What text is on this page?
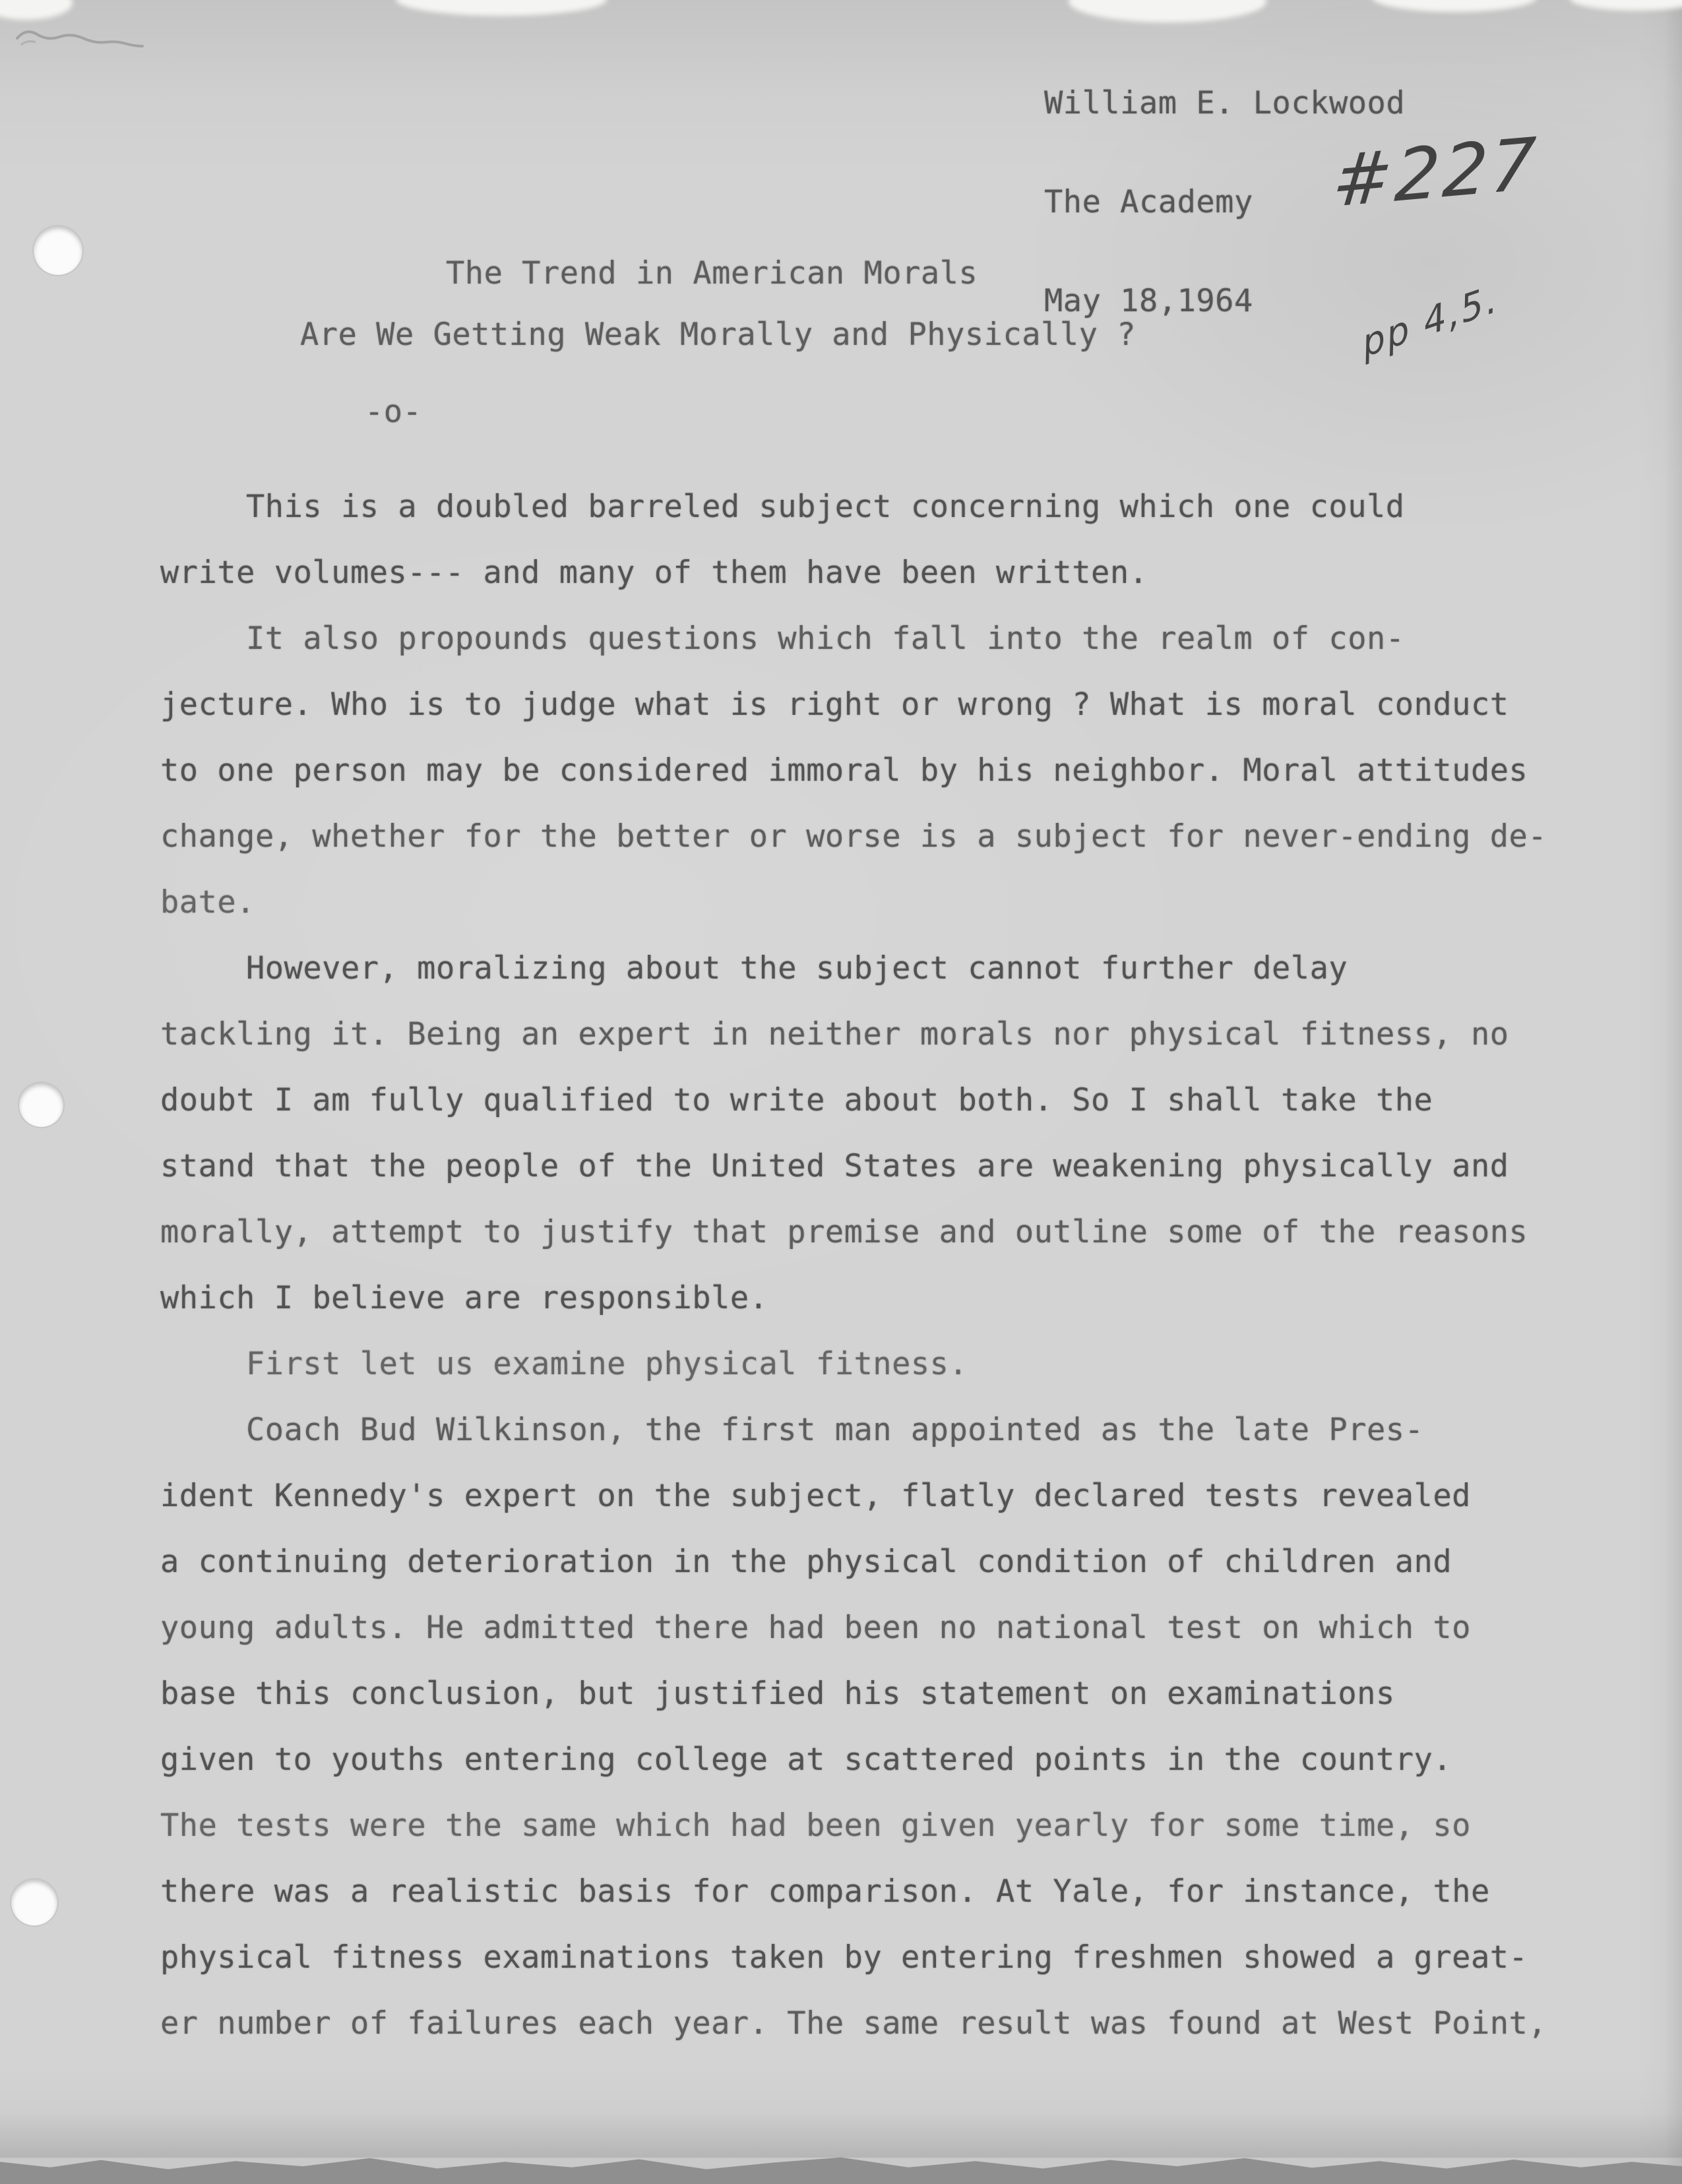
William E. Lockwood

The Academy

May 18,1964

#227
pp 4,5.
The Trend in American Morals
Are We Getting Weak Morally and Physically ?
-o-
This is a doubled barreled subject concerning which one could
write volumes--- and many of them have been written.
It also propounds questions which fall into the realm of con-
jecture. Who is to judge what is right or wrong ? What is moral conduct
to one person may be considered immoral by his neighbor. Moral attitudes
change, whether for the better or worse is a subject for never-ending de-
bate.
However, moralizing about the subject cannot further delay
tackling it. Being an expert in neither morals nor physical fitness, no
doubt I am fully qualified to write about both. So I shall take the
stand that the people of the United States are weakening physically and
morally, attempt to justify that premise and outline some of the reasons
which I believe are responsible.
First let us examine physical fitness.
Coach Bud Wilkinson, the first man appointed as the late Pres-
ident Kennedy's expert on the subject, flatly declared tests revealed
a continuing deterioration in the physical condition of children and
young adults. He admitted there had been no national test on which to
base this conclusion, but justified his statement on examinations
given to youths entering college at scattered points in the country.
The tests were the same which had been given yearly for some time, so
there was a realistic basis for comparison. At Yale, for instance, the
physical fitness examinations taken by entering freshmen showed a great-
er number of failures each year. The same result was found at West Point,
